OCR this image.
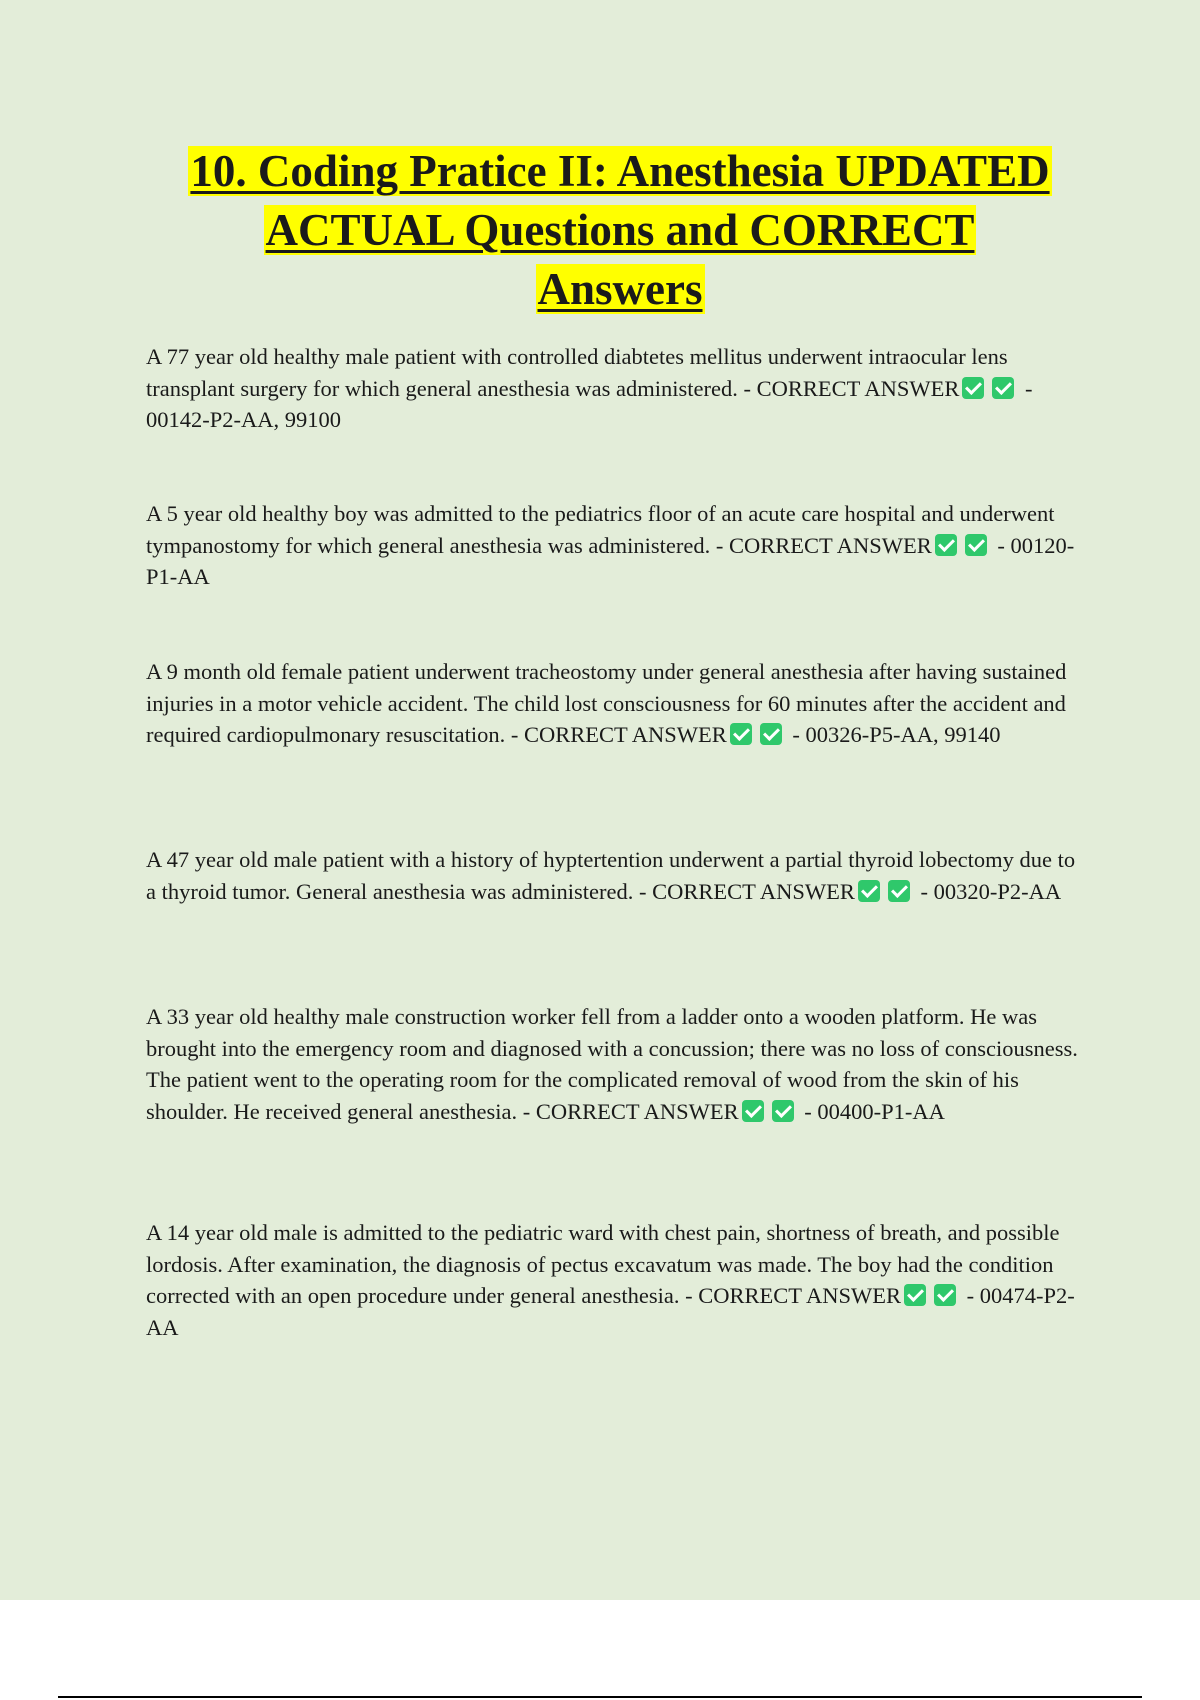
10. Coding Pratice II: Anesthesia UPDATED
ACTUAL Questions and CORRECT
Answers

A 77 year old healthy male patient with controlled diabtetes mellitus underwent intraocular lens transplant surgery for which general anesthesia was administered. - CORRECT ANSWER	- 00142-P2-AA, 99100

A 5 year old healthy boy was admitted to the pediatrics floor of an acute care hospital and underwent tympanostomy for which general anesthesia was administered. - CORRECT ANSWER	- 00120-P1-AA

A 9 month old female patient underwent tracheostomy under general anesthesia after having sustained injuries in a motor vehicle accident. The child lost consciousness for 60 minutes after the accident and required cardiopulmonary resuscitation. - CORRECT ANSWER	- 00326-P5-AA, 99140

A 47 year old male patient with a history of hyptertention underwent a partial thyroid lobectomy due to a thyroid tumor. General anesthesia was administered. - CORRECT ANSWER	- 00320-P2-AA

A 33 year old healthy male construction worker fell from a ladder onto a wooden platform. He was brought into the emergency room and diagnosed with a concussion; there was no loss of consciousness. The patient went to the operating room for the complicated removal of wood from the skin of his shoulder. He received general anesthesia. - CORRECT ANSWER	- 00400-P1-AA

A 14 year old male is admitted to the pediatric ward with chest pain, shortness of breath, and possible lordosis. After examination, the diagnosis of pectus excavatum was made. The boy had the condition corrected with an open procedure under general anesthesia. - CORRECT ANSWER	- 00474-P2-AA
